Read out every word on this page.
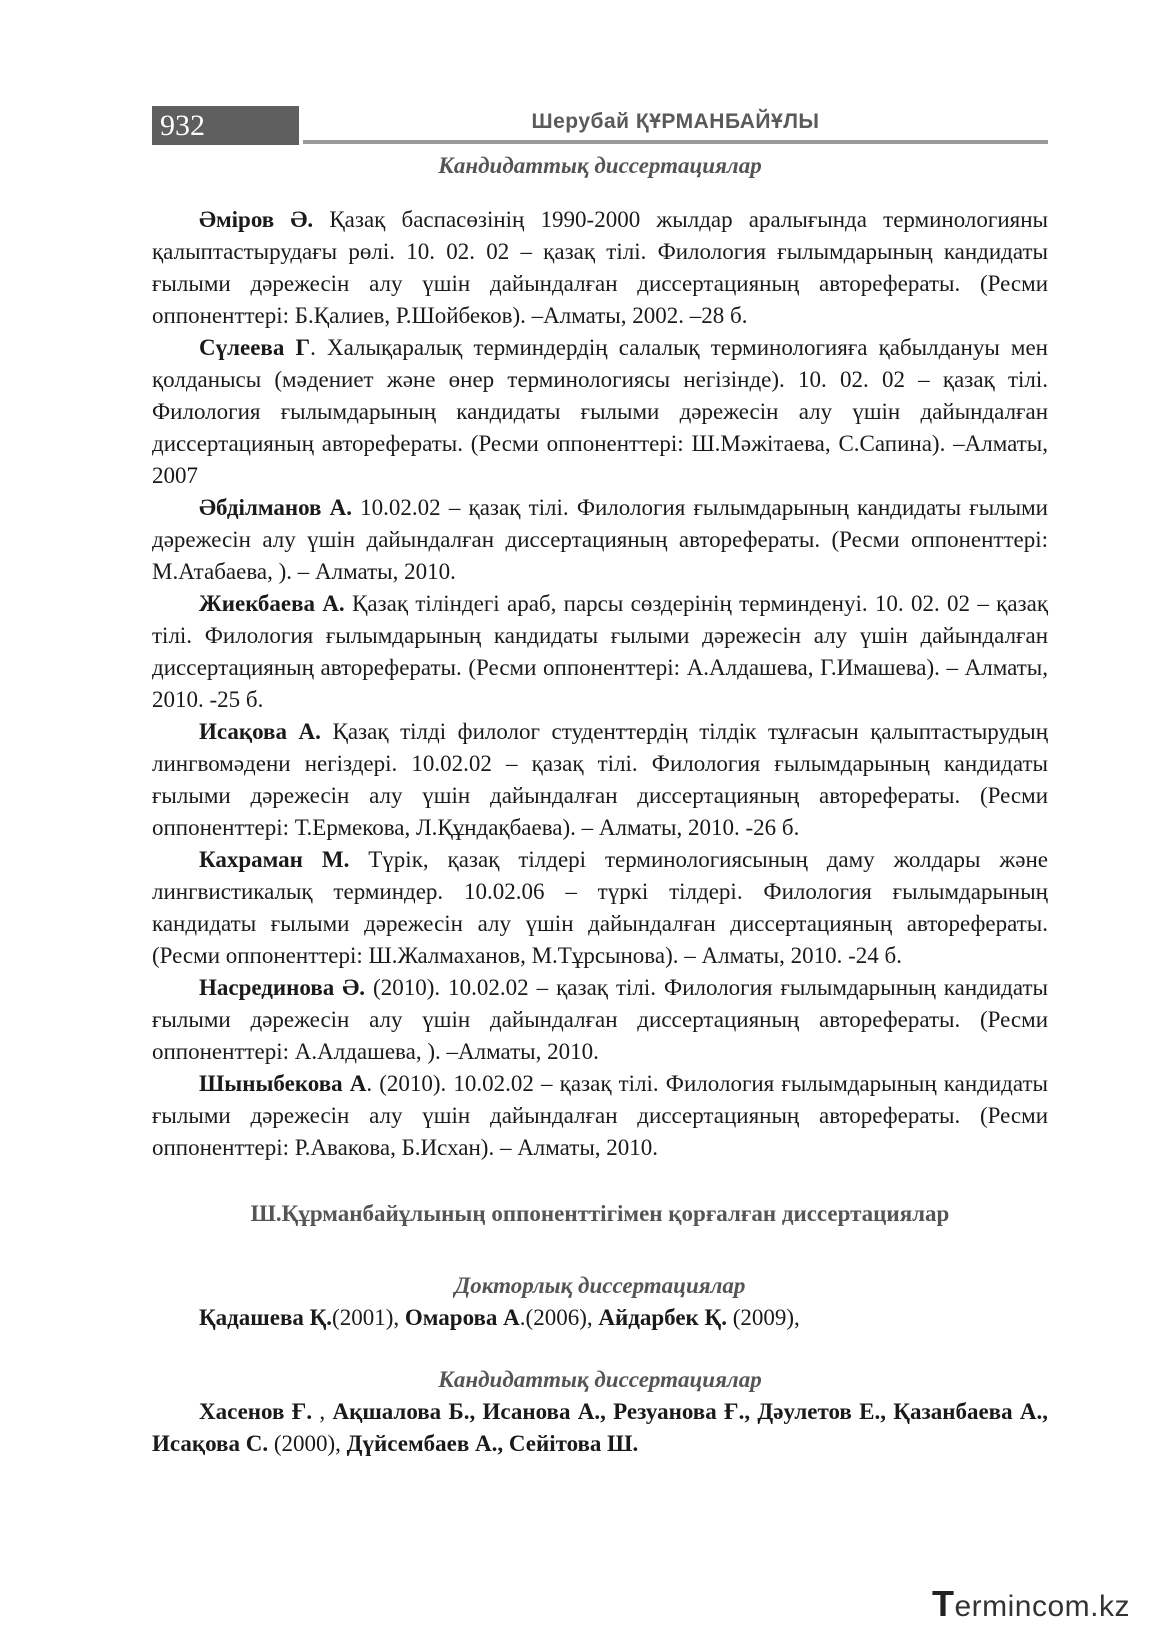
932	Шерубай ҚҰРМАНБАЙҰЛЫ

Кандидаттық диссертациялар

Әміров Ә. Қазақ баспасөзінің 1990-2000 жылдар аралығында терминологияны қалыптастырудағы рөлі. 10. 02. 02 – қазақ тілі. Филология ғылымдарының кандидаты ғылыми дәрежесін алу үшін дайындалған диссертацияның авторефераты. (Ресми оппоненттері: Б.Қалиев, Р.Шойбеков). –Алматы, 2002. –28 б.

Сүлеева Г. Халықаралық терминдердің салалық терминологияға қабылдануы мен қолданысы (мәдениет және өнер терминологиясы негізінде). 10. 02. 02 – қазақ тілі. Филология ғылымдарының кандидаты ғылыми дәрежесін алу үшін дайындалған диссертацияның авторефераты. (Ресми оппоненттері: Ш.Мәжітаева, С.Сапина). –Алматы, 2007

Әбділманов А. 10.02.02 – қазақ тілі. Филология ғылымдарының кандидаты ғылыми дәрежесін алу үшін дайындалған диссертацияның авторефераты. (Ресми оппоненттері: М.Атабаева, ). – Алматы, 2010.

Жиекбаева А. Қазақ тіліндегі араб, парсы сөздерінің терминденуі. 10. 02. 02 – қазақ тілі. Филология ғылымдарының кандидаты ғылыми дәрежесін алу үшін дайындалған диссертацияның авторефераты. (Ресми оппоненттері: А.Алдашева, Г.Имашева). – Алматы, 2010. -25 б.

Исақова А. Қазақ тілді филолог студенттердің тілдік тұлғасын қалыптастырудың лингвомәдени негіздері. 10.02.02 – қазақ тілі. Филология ғылымдарының кандидаты ғылыми дәрежесін алу үшін дайындалған диссертацияның авторефераты. (Ресми оппоненттері: Т.Ермекова, Л.Құндақбаева). – Алматы, 2010. -26 б.

Кахраман М. Түрік, қазақ тілдері терминологиясының даму жолдары және лингвистикалық терминдер. 10.02.06 – түркі тілдері. Филология ғылымдарының кандидаты ғылыми дәрежесін алу үшін дайындалған диссертацияның авторефераты. (Ресми оппоненттері: Ш.Жалмаханов, М.Тұрсынова). – Алматы, 2010. -24 б.

Насрединова Ә. (2010). 10.02.02 – қазақ тілі. Филология ғылымдарының кандидаты ғылыми дәрежесін алу үшін дайындалған диссертацияның авторефераты. (Ресми оппоненттері: А.Алдашева, ). –Алматы, 2010.

Шыныбекова А. (2010). 10.02.02 – қазақ тілі. Филология ғылымдарының кандидаты ғылыми дәрежесін алу үшін дайындалған диссертацияның авторефераты. (Ресми оппоненттері: Р.Авакова, Б.Исхан). – Алматы, 2010.

Ш.Құрманбайұлының оппоненттігімен қорғалған диссертациялар

Докторлық диссертациялар

Қадашева Қ.(2001), Омарова А.(2006), Айдарбек Қ. (2009),

Кандидаттық диссертациялар

Хасенов Ғ. , Ақшалова Б., Исанова А., Резуанова Ғ., Дәулетов Е., Қазанбаева А., Исақова С. (2000), Дүйсембаев А., Сейітова Ш.

Termincom.kz
